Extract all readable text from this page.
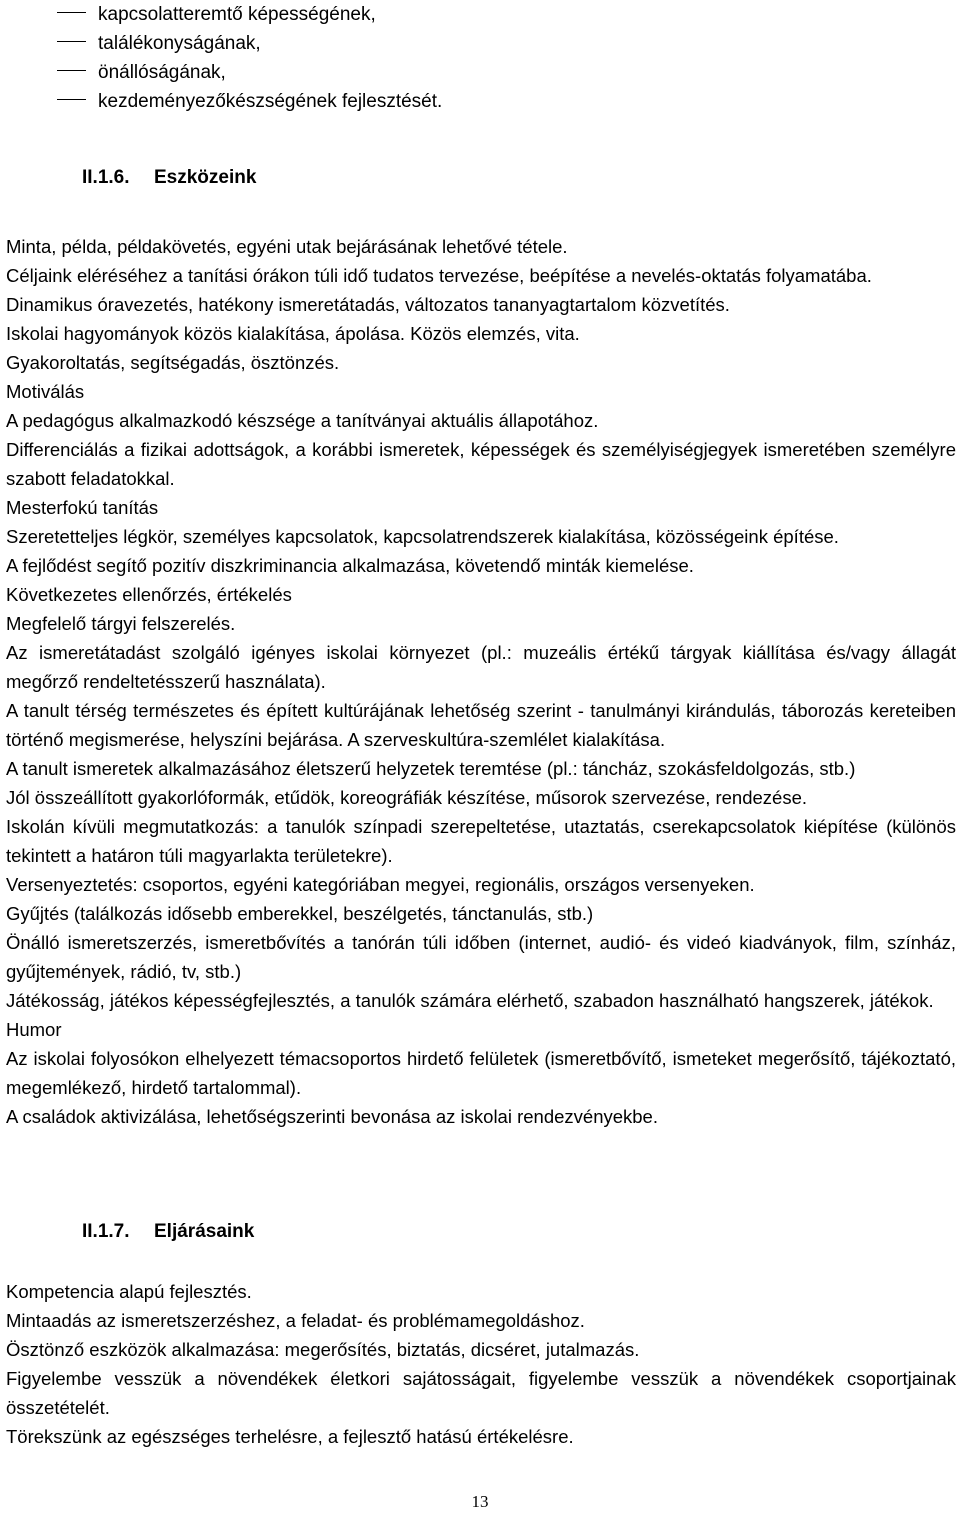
kapcsolatteremtő képességének,
találékonyságának,
önállóságának,
kezdeményezőkészségének fejlesztését.
II.1.6. Eszközeink

Minta, példa, példakövetés, egyéni utak bejárásának lehetővé tétele.

Céljaink eléréséhez a tanítási órákon túli idő tudatos tervezése, beépítése a nevelés-oktatás folyamatába.

Dinamikus óravezetés, hatékony ismeretátadás, változatos tananyagtartalom közvetítés.

Iskolai hagyományok közös kialakítása, ápolása. Közös elemzés, vita.

Gyakoroltatás, segítségadás, ösztönzés.

Motiválás

A pedagógus alkalmazkodó készsége a tanítványai aktuális állapotához.

Differenciálás a fizikai adottságok, a korábbi ismeretek, képességek és személyiségjegyek ismeretében személyre szabott feladatokkal.

Mesterfokú tanítás

Szeretetteljes légkör, személyes kapcsolatok, kapcsolatrendszerek kialakítása, közösségeink építése.

A fejlődést segítő pozitív diszkriminancia alkalmazása, követendő minták kiemelése.

Következetes ellenőrzés, értékelés

Megfelelő tárgyi felszerelés.

Az ismeretátadást szolgáló igényes iskolai környezet (pl.: muzeális értékű tárgyak kiállítása és/vagy állagát megőrző rendeltetésszerű használata).

A tanult térség természetes és épített kultúrájának lehetőség szerint - tanulmányi kirándulás, táborozás kereteiben történő megismerése, helyszíni bejárása. A szerveskultúra-szemlélet kialakítása.

A tanult ismeretek alkalmazásához életszerű helyzetek teremtése (pl.: táncház, szokásfeldolgozás, stb.)

Jól összeállított gyakorlóformák, etűdök, koreográfiák készítése, műsorok szervezése, rendezése.

Iskolán kívüli megmutatkozás: a tanulók színpadi szerepeltetése, utaztatás, cserekapcsolatok kiépítése (különös tekintett a határon túli magyarlakta területekre).

Versenyeztetés: csoportos, egyéni kategóriában megyei, regionális, országos versenyeken.

Gyűjtés (találkozás idősebb emberekkel, beszélgetés, tánctanulás, stb.)

Önálló ismeretszerzés, ismeretbővítés a tanórán túli időben (internet, audió- és videó kiadványok, film, színház, gyűjtemények, rádió, tv, stb.)

Játékosság, játékos képességfejlesztés, a tanulók számára elérhető, szabadon használható hangszerek, játékok.

Humor

Az iskolai folyosókon elhelyezett témacsoportos hirdető felületek (ismeretbővítő, ismeteket megerősítő, tájékoztató, megemlékező, hirdető tartalommal).

A családok aktivizálása, lehetőségszerinti bevonása az iskolai rendezvényekbe.

II.1.7. Eljárásaink

Kompetencia alapú fejlesztés.

Mintaadás az ismeretszerzéshez, a feladat- és problémamegoldáshoz.

Ösztönző eszközök alkalmazása: megerősítés, biztatás, dicséret, jutalmazás.

Figyelembe vesszük a növendékek életkori sajátosságait, figyelembe vesszük a növendékek csoportjainak összetételét.

Törekszünk az egészséges terhelésre, a fejlesztő hatású értékelésre.

13
